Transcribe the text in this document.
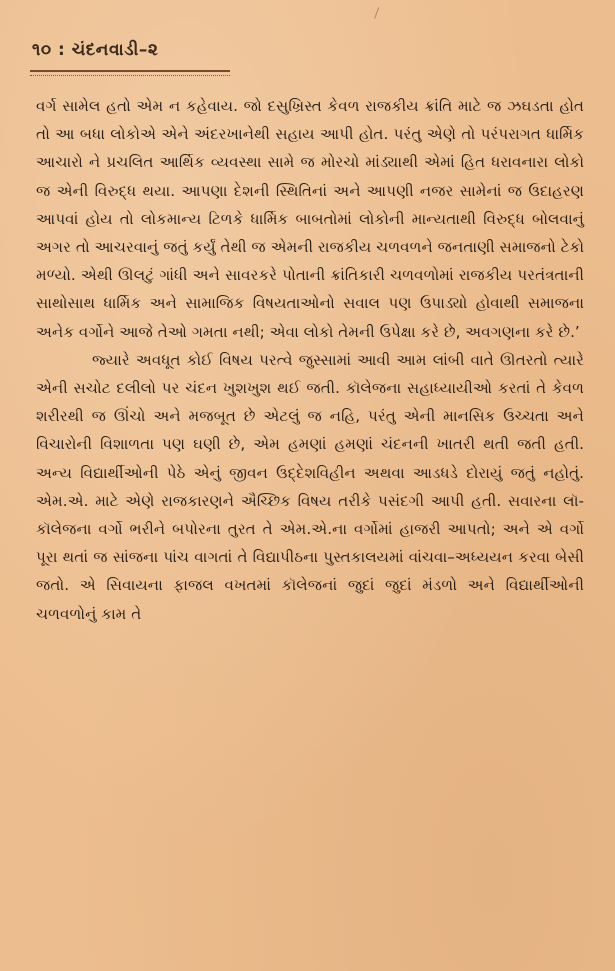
૧૦ : ચંદનવાડી–૨

વર્ગ સામેલ હતો એમ ન કહેવાય. જો દસુખ્રિસ્ત કેવળ રાજકીય ક્રાંતિ માટે જ ઝઘડતા હોત તો આ બધા લોકોએ એને અંદરખાનેથી સહાય આપી હોત. પરંતુ એણે તો પરંપરાગત ધાર્મિક આચારો ને પ્રચલિત આર્થિક વ્યવસ્થા સામે જ મોરચો માંડ્યાથી એમાં હિત ધરાવનારા લોકો જ એની વિરુદ્ધ થયા. આપણા દેશની સ્થિતિનાં અને આપણી નજર સામેનાં જ ઉદાહરણ આપવાં હોય તો લોકમાન્ય ટિળકે ધાર્મિક બાબતોમાં લોકોની માન્યતાથી વિરુદ્ધ બોલવાનું અગર તો આચરવાનું જતું કર્યું તેથી જ એમની રાજકીય ચળવળને જનતાણી સમાજનો ટેકો મળ્યો. એથી ઊલટું ગાંધી અને સાવરકરે પોતાની ક્રાંતિકારી ચળવળોમાં રાજકીય પરતંત્રતાની સાથોસાથ ધાર્મિક અને સામાજિક વિષયતાઓનો સવાલ પણ ઉપાડ્યો હોવાથી સમાજના અનેક વર્ગોને આજે તેઓ ગમતા નથી; એવા લોકો તેમની ઉપેક્ષા કરે છે, અવગણના કરે છે.’

જ્યારે અવધૂત કોઈ વિષય પરત્વે જુસ્સામાં આવી આમ લાંબી વાતે ઊતરતો ત્યારે એની સચોટ દલીલો પર ચંદન ખુશખુશ થઈ જતી. કૉલેજના સહાધ્યાયીઓ કરતાં તે કેવળ શરીરથી જ ઊંચો અને મજબૂત છે એટલું જ નહિ, પરંતુ એની માનસિક ઉચ્ચતા અને વિચારોની વિશાળતા પણ ઘણી છે, એમ હમણાં હમણાં ચંદનની ખાતરી થતી જતી હતી. અન્ય વિદ્યાર્થીઓની પેઠે એનું જીવન ઉદ્દેશવિહીન અથવા આડધડે દોરાયું જતું નહોતું. એમ.એ. માટે એણે રાજકારણને ઐચ્છિક વિષય તરીકે પસંદગી આપી હતી. સવારના લૉ-કૉલેજના વર્ગો ભરીને બપોરના તુરત તે એમ.એ.ના વર્ગોમાં હાજરી આપતો; અને એ વર્ગો પૂરા થતાં જ સાંજના પાંચ વાગતાં તે વિદ્યાપીઠના પુસ્તકાલયમાં વાંચવા–અધ્યયન કરવા બેસી જતો. એ સિવાયના ફાજલ વખતમાં કૉલેજનાં જુદાં જુદાં મંડળો અને વિદ્યાર્થીઓની ચળવળોનું કામ તે
